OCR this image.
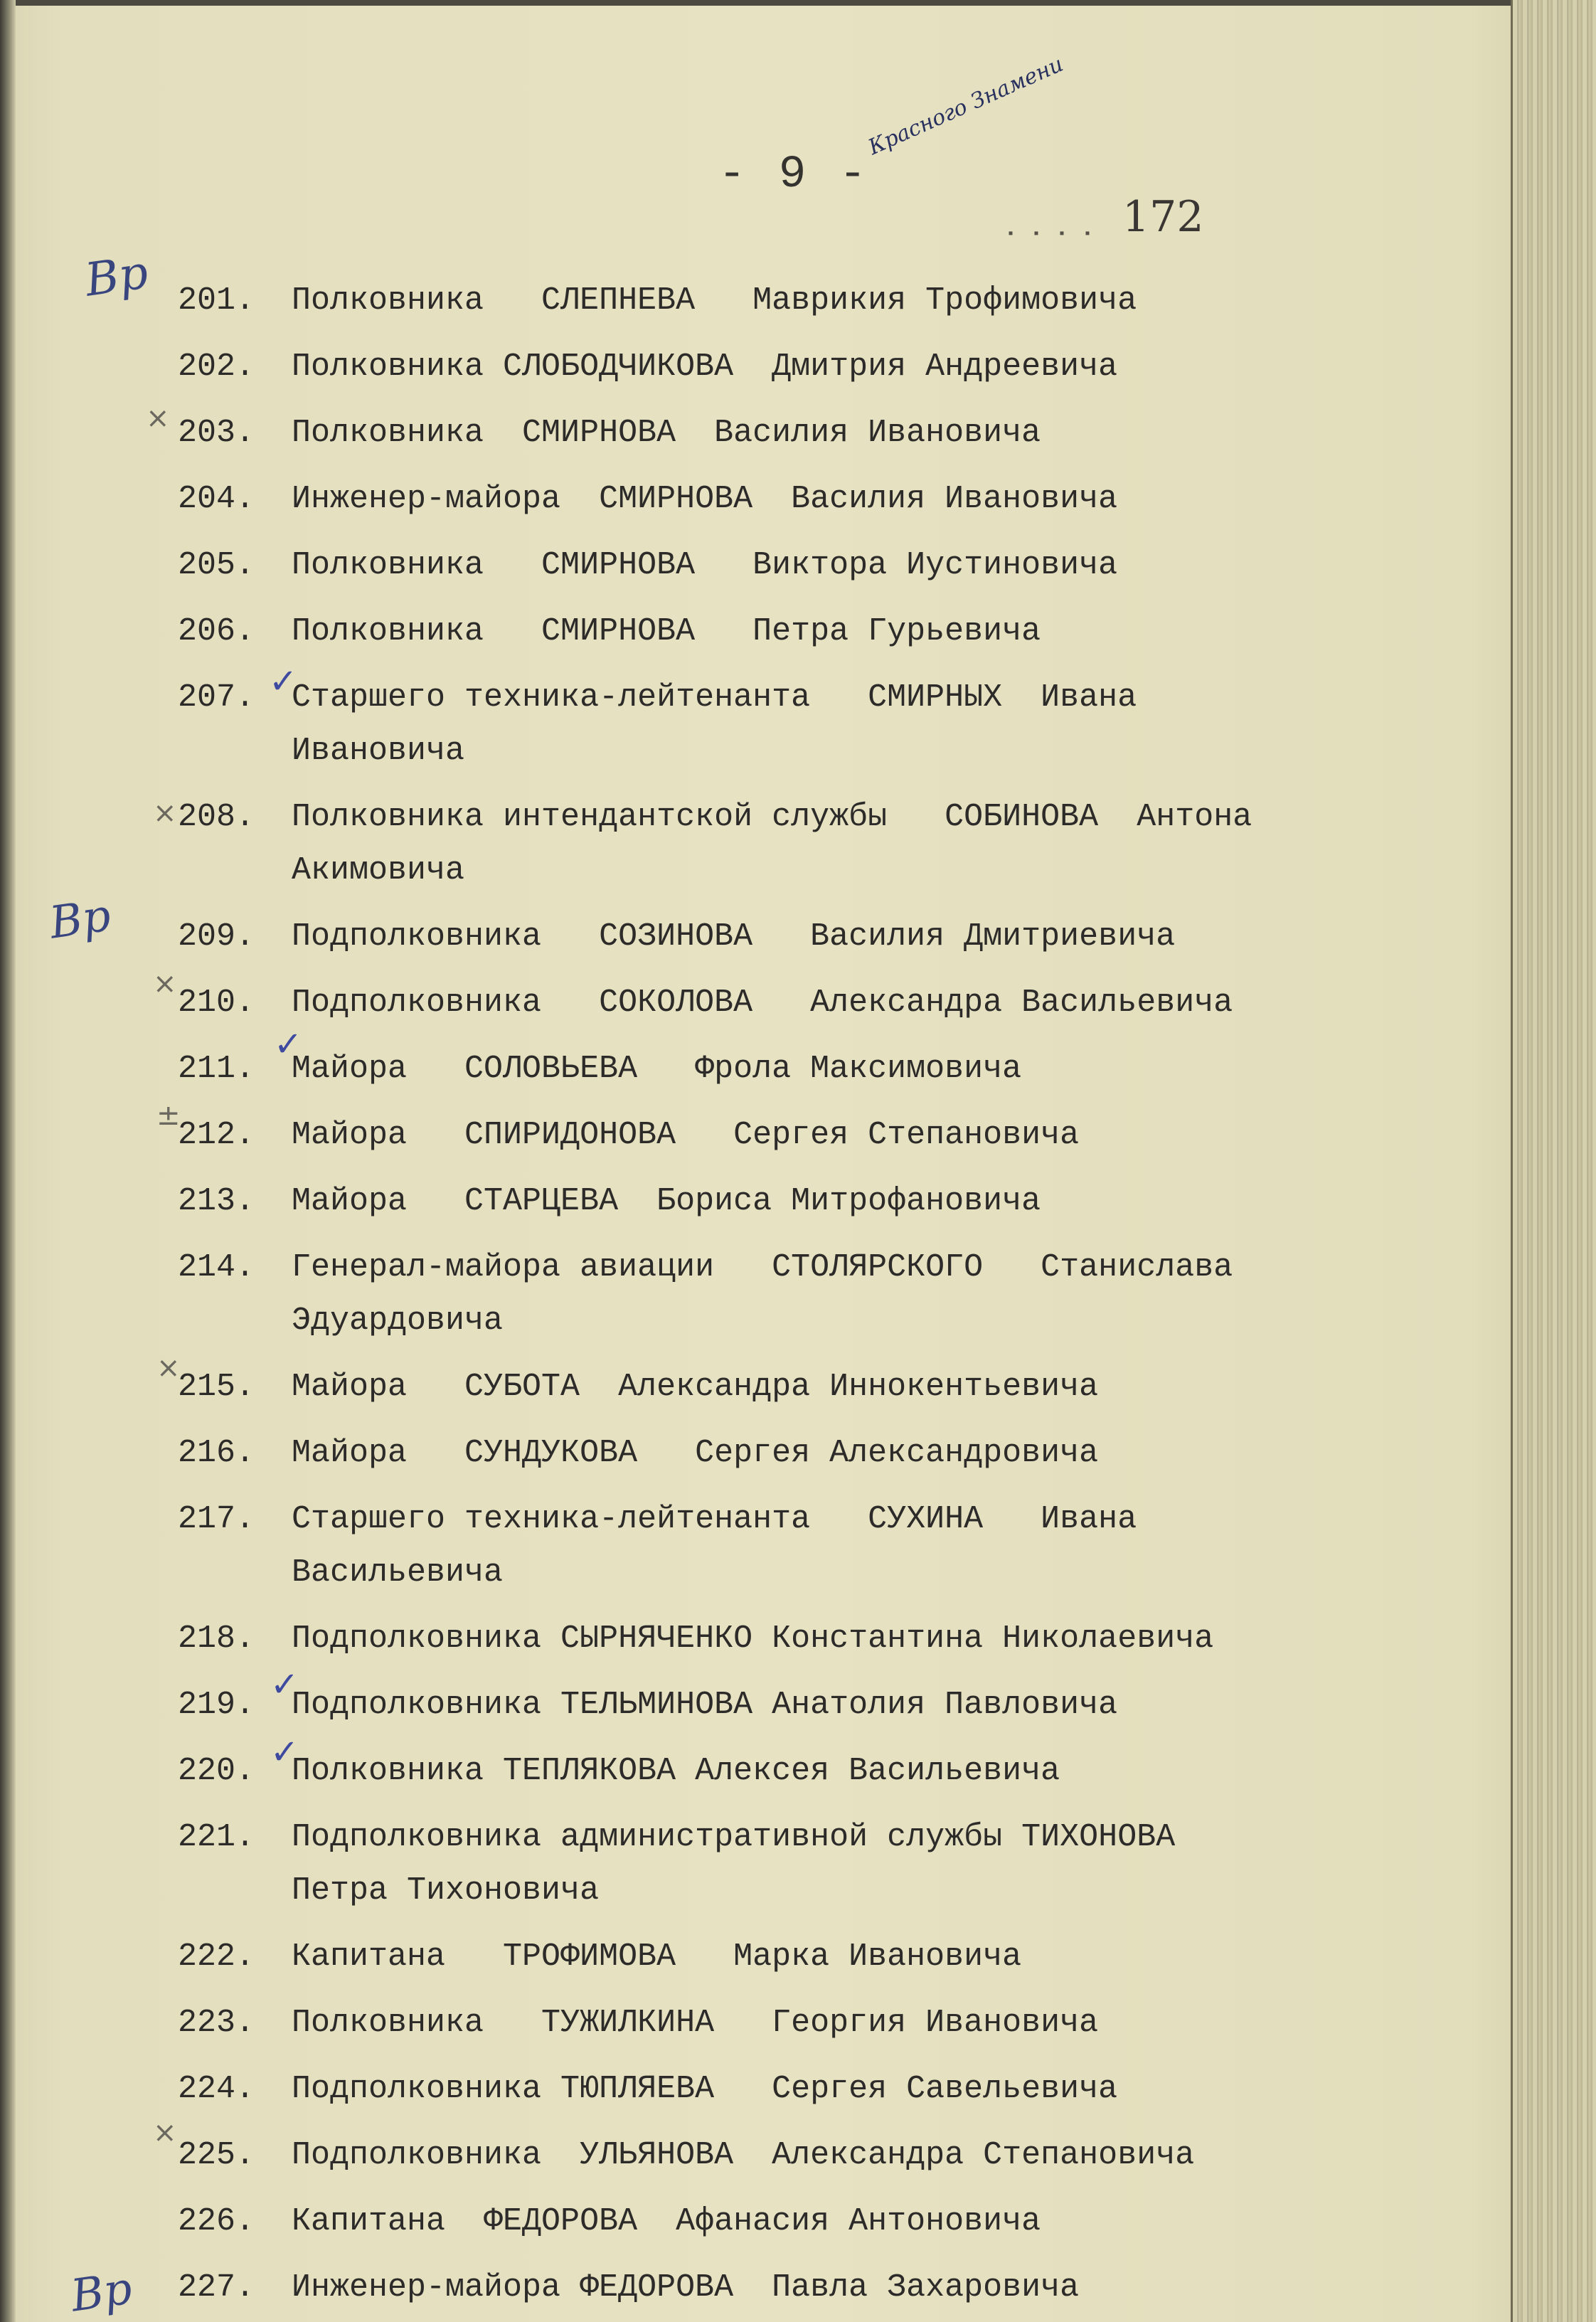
- 9 -
Красного Знамени
172
▪ ▪ ▪ ▪
Вр
Вр
Вр
×
×
×
±
×
×
✓
✓
✓
✓
201.	Полковника   СЛЕПНЕВА   Маврикия Трофимовича
202.	Полковника СЛОБОДЧИКОВА  Дмитрия Андреевича
203.	Полковника  СМИРНОВА  Василия Ивановича
204.	Инженер-майора  СМИРНОВА  Василия Ивановича
205.	Полковника   СМИРНОВА   Виктора Иустиновича
206.	Полковника   СМИРНОВА   Петра Гурьевича
207.	Старшего техника-лейтенанта   СМИРНЫХ  Ивана
Ивановича
208.	Полковника интендантской службы   СОБИНОВА  Антона
Акимовича
209.	Подполковника   СОЗИНОВА   Василия Дмитриевича
210.	Подполковника   СОКОЛОВА   Александра Васильевича
211.	Майора   СОЛОВЬЕВА   Фрола Максимовича
212.	Майора   СПИРИДОНОВА   Сергея Степановича
213.	Майора   СТАРЦЕВА  Бориса Митрофановича
214.	Генерал-майора авиации   СТОЛЯРСКОГО   Станислава
Эдуардовича
215.	Майора   СУБОТА  Александра Иннокентьевича
216.	Майора   СУНДУКОВА   Сергея Александровича
217.	Старшего техника-лейтенанта   СУХИНА   Ивана
Васильевича
218.	Подполковника СЫРНЯЧЕНКО Константина Николаевича
219.	Подполковника ТЕЛЬМИНОВА Анатолия Павловича
220.	Полковника ТЕПЛЯКОВА Алексея Васильевича
221.	Подполковника административной службы ТИХОНОВА
Петра Тихоновича
222.	Капитана   ТРОФИМОВА   Марка Ивановича
223.	Полковника   ТУЖИЛКИНА   Георгия Ивановича
224.	Подполковника ТЮПЛЯЕВА   Сергея Савельевича
225.	Подполковника  УЛЬЯНОВА  Александра Степановича
226.	Капитана  ФЕДОРОВА  Афанасия Антоновича
227.	Инженер-майора ФЕДОРОВА  Павла Захаровича
